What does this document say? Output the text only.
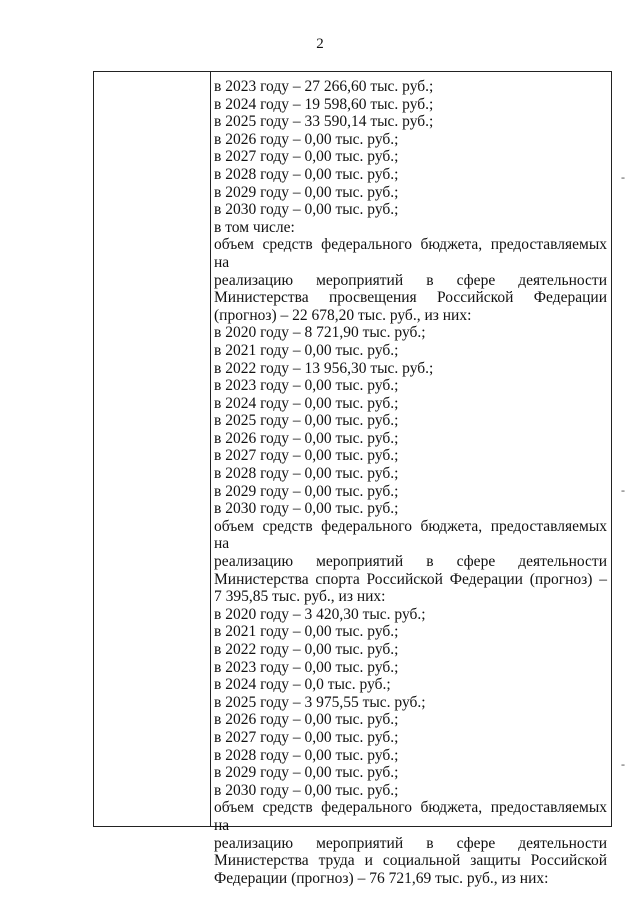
2
в 2023 году – 27 266,60 тыс. руб.;
в 2024 году – 19 598,60 тыс. руб.;
в 2025 году – 33 590,14 тыс. руб.;
в 2026 году – 0,00 тыс. руб.;
в 2027 году – 0,00 тыс. руб.;
в 2028 году – 0,00 тыс. руб.;
в 2029 году – 0,00 тыс. руб.;
в 2030 году – 0,00 тыс. руб.;
в том числе:
объем средств федерального бюджета, предоставляемых на
реализацию мероприятий в сфере деятельности
Министерства просвещения Российской Федерации
(прогноз) – 22 678,20 тыс. руб., из них:
в 2020 году – 8 721,90 тыс. руб.;
в 2021 году – 0,00 тыс. руб.;
в 2022 году – 13 956,30 тыс. руб.;
в 2023 году – 0,00 тыс. руб.;
в 2024 году – 0,00 тыс. руб.;
в 2025 году – 0,00 тыс. руб.;
в 2026 году – 0,00 тыс. руб.;
в 2027 году – 0,00 тыс. руб.;
в 2028 году – 0,00 тыс. руб.;
в 2029 году – 0,00 тыс. руб.;
в 2030 году – 0,00 тыс. руб.;
объем средств федерального бюджета, предоставляемых на
реализацию мероприятий в сфере деятельности
Министерства спорта Российской Федерации (прогноз) –
7 395,85 тыс. руб., из них:
в 2020 году – 3 420,30 тыс. руб.;
в 2021 году – 0,00 тыс. руб.;
в 2022 году – 0,00 тыс. руб.;
в 2023 году – 0,00 тыс. руб.;
в 2024 году – 0,0 тыс. руб.;
в 2025 году – 3 975,55 тыс. руб.;
в 2026 году – 0,00 тыс. руб.;
в 2027 году – 0,00 тыс. руб.;
в 2028 году – 0,00 тыс. руб.;
в 2029 году – 0,00 тыс. руб.;
в 2030 году – 0,00 тыс. руб.;
объем средств федерального бюджета, предоставляемых на
реализацию мероприятий в сфере деятельности
Министерства труда и социальной защиты Российской
Федерации (прогноз) – 76 721,69 тыс. руб., из них:
-
-
-
